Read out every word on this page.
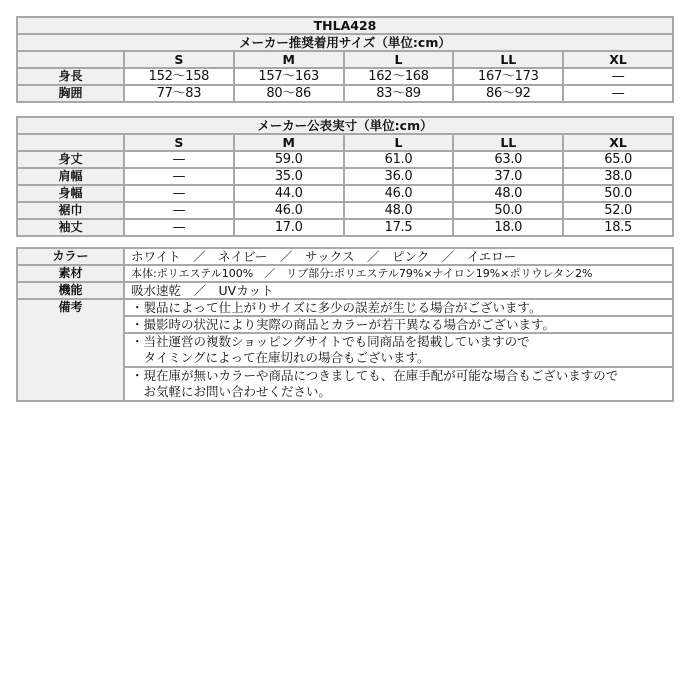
THLA428					
メーカー推奨着用サイズ（単位:cm）					
	S	M	L	LL	XL
身長	152～158	157～163	162～168	167～173	—
胸囲	77～83	80～86	83～89	86～92	—
メーカー公表実寸（単位:cm）					
	S	M	L	LL	XL
身丈	—	59.0	61.0	63.0	65.0
肩幅	—	35.0	36.0	37.0	38.0
身幅	—	44.0	46.0	48.0	50.0
裾巾	—	46.0	48.0	50.0	52.0
袖丈	—	17.0	17.5	18.0	18.5
カラー	ホワイト　／　ネイビー　／　サックス　／　ピンク　／　イエロー
素材	本体:ポリエステル100%　／　リブ部分:ポリエステル79%×ナイロン19%×ポリウレタン2%
機能	吸水速乾　／　UVカット
備考	・製品によって仕上がりサイズに多少の誤差が生じる場合がございます。
	・撮影時の状況により実際の商品とカラーが若干異なる場合がございます。

	・当社運営の複数ショッピングサイトでも同商品を掲載していますので
　タイミングによって在庫切れの場合もございます。

	・現在庫が無いカラーや商品につきましても、在庫手配が可能な場合もございますので
　お気軽にお問い合わせください。
